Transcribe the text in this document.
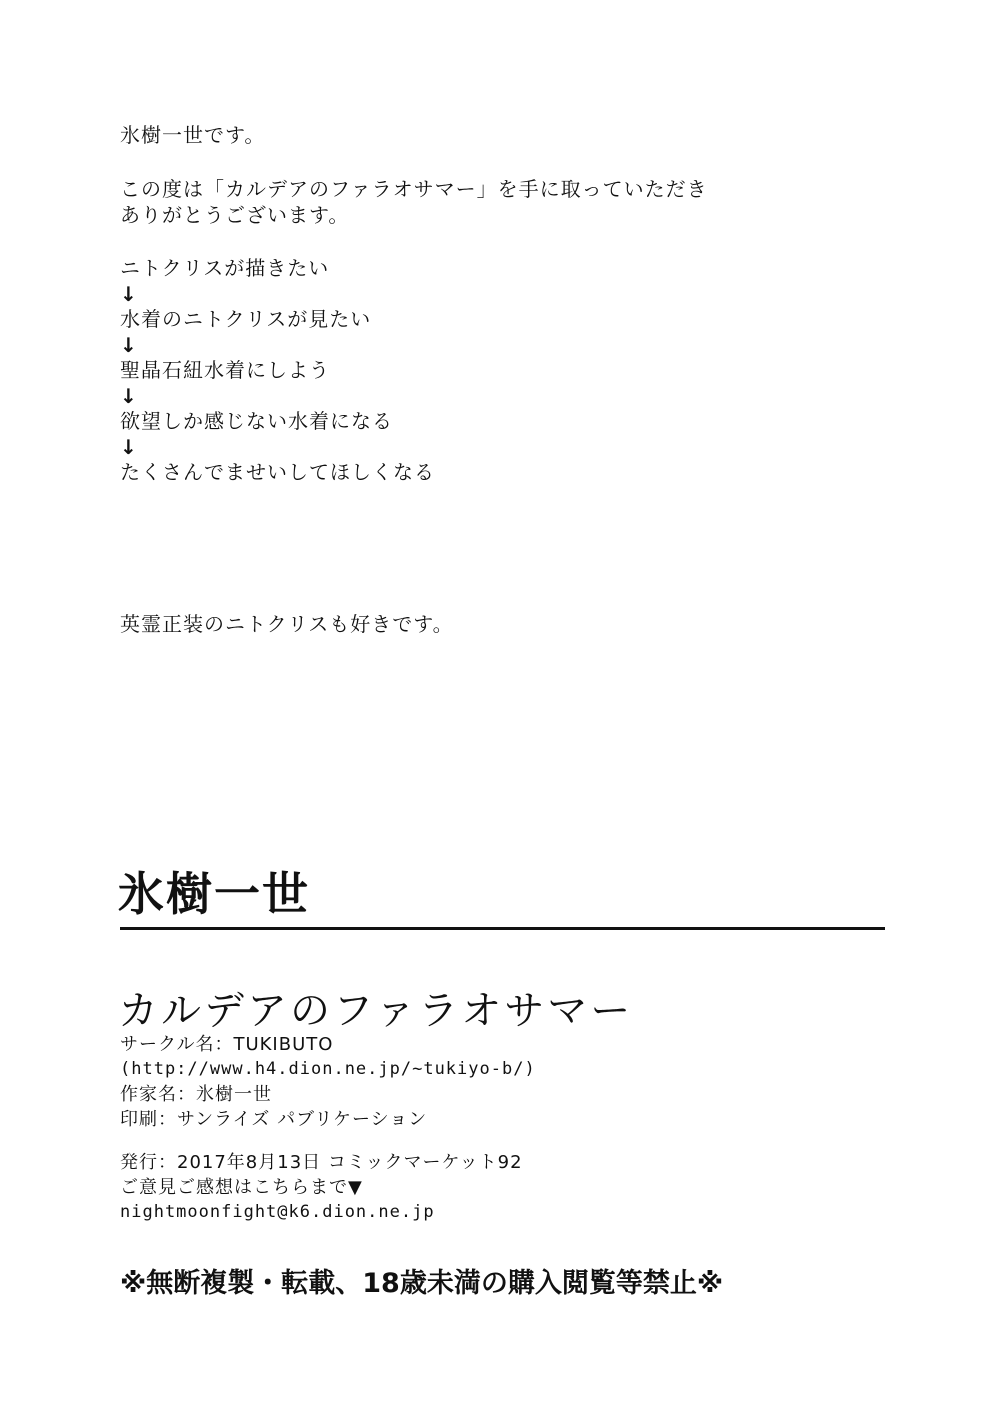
氷樹一世です。
この度は「カルデアのファラオサマー」を手に取っていただき
ありがとうございます。
ニトクリスが描きたい
↓
水着のニトクリスが見たい
↓
聖晶石紐水着にしよう
↓
欲望しか感じない水着になる
↓
たくさんでませいしてほしくなる
英霊正装のニトクリスも好きです。
氷樹一世
カルデアのファラオサマー
サークル名：TUKIBUTO
(http://www.h4.dion.ne.jp/~tukiyo-b/)
作家名：氷樹一世
印刷：サンライズ パブリケーション
発行：2017年8月13日 コミックマーケット92
ご意見ご感想はこちらまで▼
nightmoonfight@k6.dion.ne.jp
※無断複製・転載、18歳未満の購入閲覧等禁止※
